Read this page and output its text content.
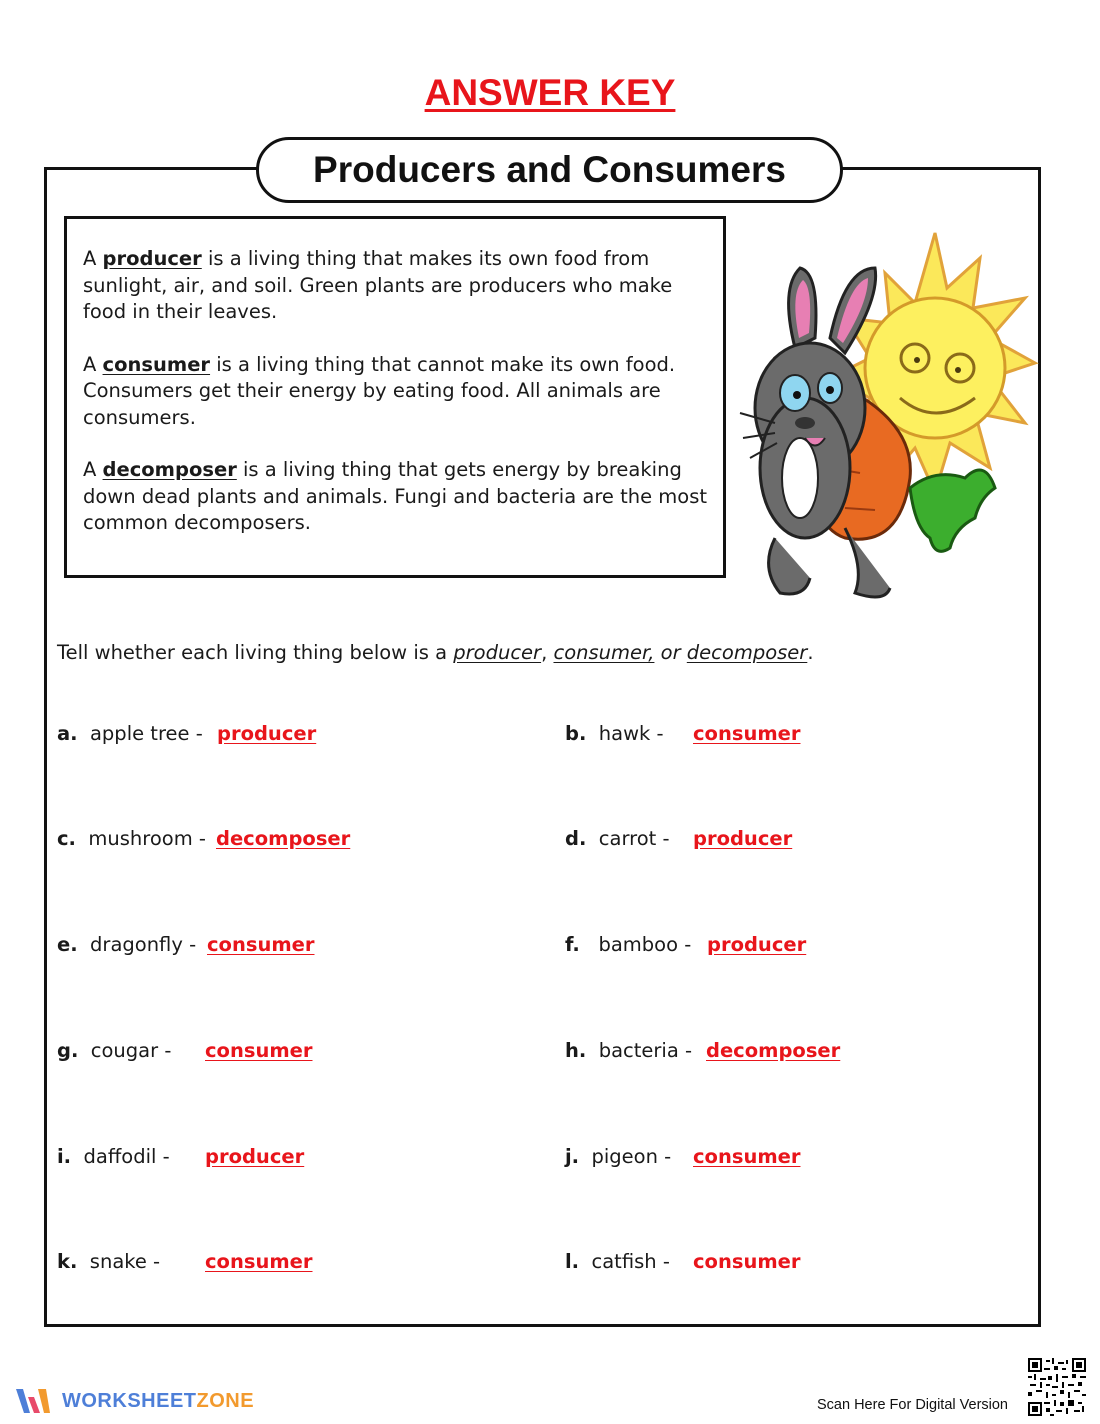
ANSWER KEY
Producers and Consumers

A producer is a living thing that makes its own food from sunlight, air, and soil. Green plants are producers who make food in their leaves.

A consumer is a living thing that cannot make its own food. Consumers get their energy by eating food. All animals are consumers.

A decomposer is a living thing that gets energy by breaking down dead plants and animals. Fungi and bacteria are the most common decomposers.

Tell whether each living thing below is a producer, consumer, or decomposer.
a. apple tree - producer	b. hawk - consumer
c. mushroom - decomposer	d. carrot - producer
e. dragonfly - consumer	f. bamboo - producer
g. cougar - consumer	h. bacteria - decomposer
i. daffodil - producer	j. pigeon - consumer
k. snake - consumer	l. catfish - consumer
WORKSHEETZONE	Scan Here For Digital Version
